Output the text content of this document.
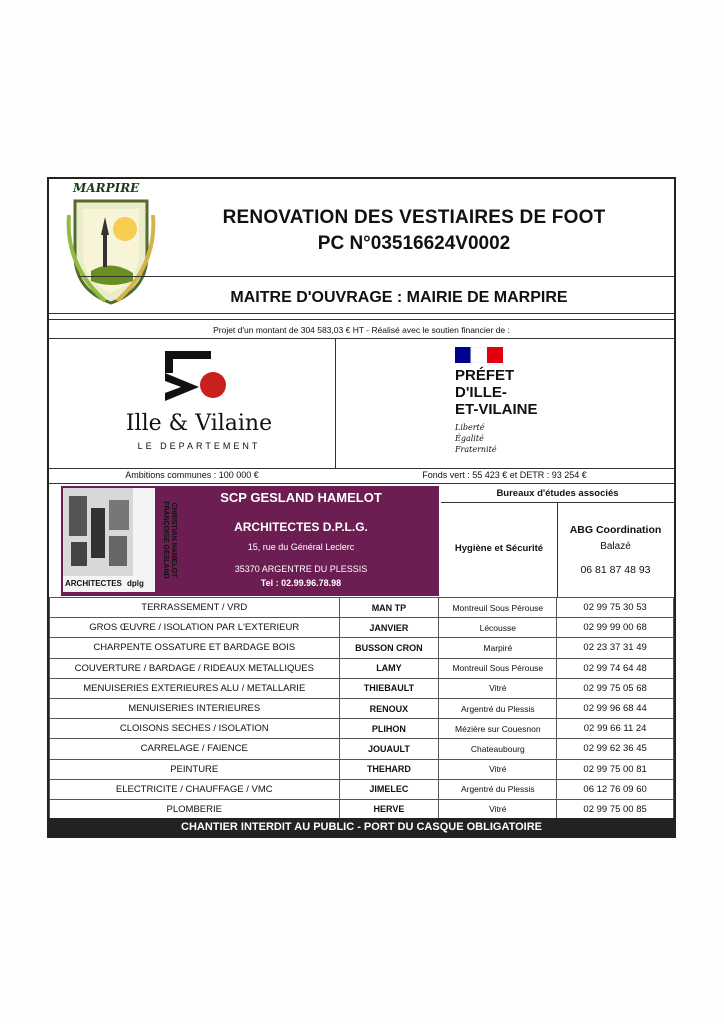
MARPIRE
RENOVATION DES VESTIAIRES DE FOOT
PC N°03516624V0002
MAITRE D'OUVRAGE : MAIRIE DE MARPIRE
Projet d'un montant de 304 583,03 € HT - Réalisé avec le soutien financier de :
Ille & Vilaine
LE DEPARTEMENT
PRÉFET
D'ILLE-
ET-VILAINE
Liberté
Égalité
Fraternité
Ambitions communes : 100 000 €	Fonds vert : 55 423 € et DETR : 93 254 €
CHRISTIAN HAMELOT FRANÇOISE GESLAND
ARCHITECTES dplg
SCP GESLAND HAMELOT
ARCHITECTES D.P.L.G.
15, rue du Général Leclerc
35370 ARGENTRE DU PLESSIS
Tel : 02.99.96.78.98
Bureaux d'études associés
Hygiène et Sécurité
ABG Coordination
Balazé
06 81 87 48 93
TERRASSEMENT / VRD	MAN TP	Montreuil Sous Pérouse	02 99 75 30 53
GROS ŒUVRE / ISOLATION PAR L'EXTERIEUR	JANVIER	Lécousse	02 99 99 00 68
CHARPENTE OSSATURE ET BARDAGE BOIS	BUSSON CRON	Marpiré	02 23 37 31 49
COUVERTURE / BARDAGE / RIDEAUX METALLIQUES	LAMY	Montreuil Sous Pérouse	02 99 74 64 48
MENUISERIES EXTERIEURES ALU / METALLARIE	THIEBAULT	Vitré	02 99 75 05 68
MENUISERIES INTERIEURES	RENOUX	Argentré du Plessis	02 99 96 68 44
CLOISONS SECHES / ISOLATION	PLIHON	Mézière sur Couesnon	02 99 66 11 24
CARRELAGE / FAIENCE	JOUAULT	Chateaubourg	02 99 62 36 45
PEINTURE	THEHARD	Vitré	02 99 75 00 81
ELECTRICITE / CHAUFFAGE / VMC	JIMELEC	Argentré du Plessis	06 12 76 09 60
PLOMBERIE	HERVE	Vitré	02 99 75 00 85
CHANTIER INTERDIT AU PUBLIC - PORT DU CASQUE OBLIGATOIRE
